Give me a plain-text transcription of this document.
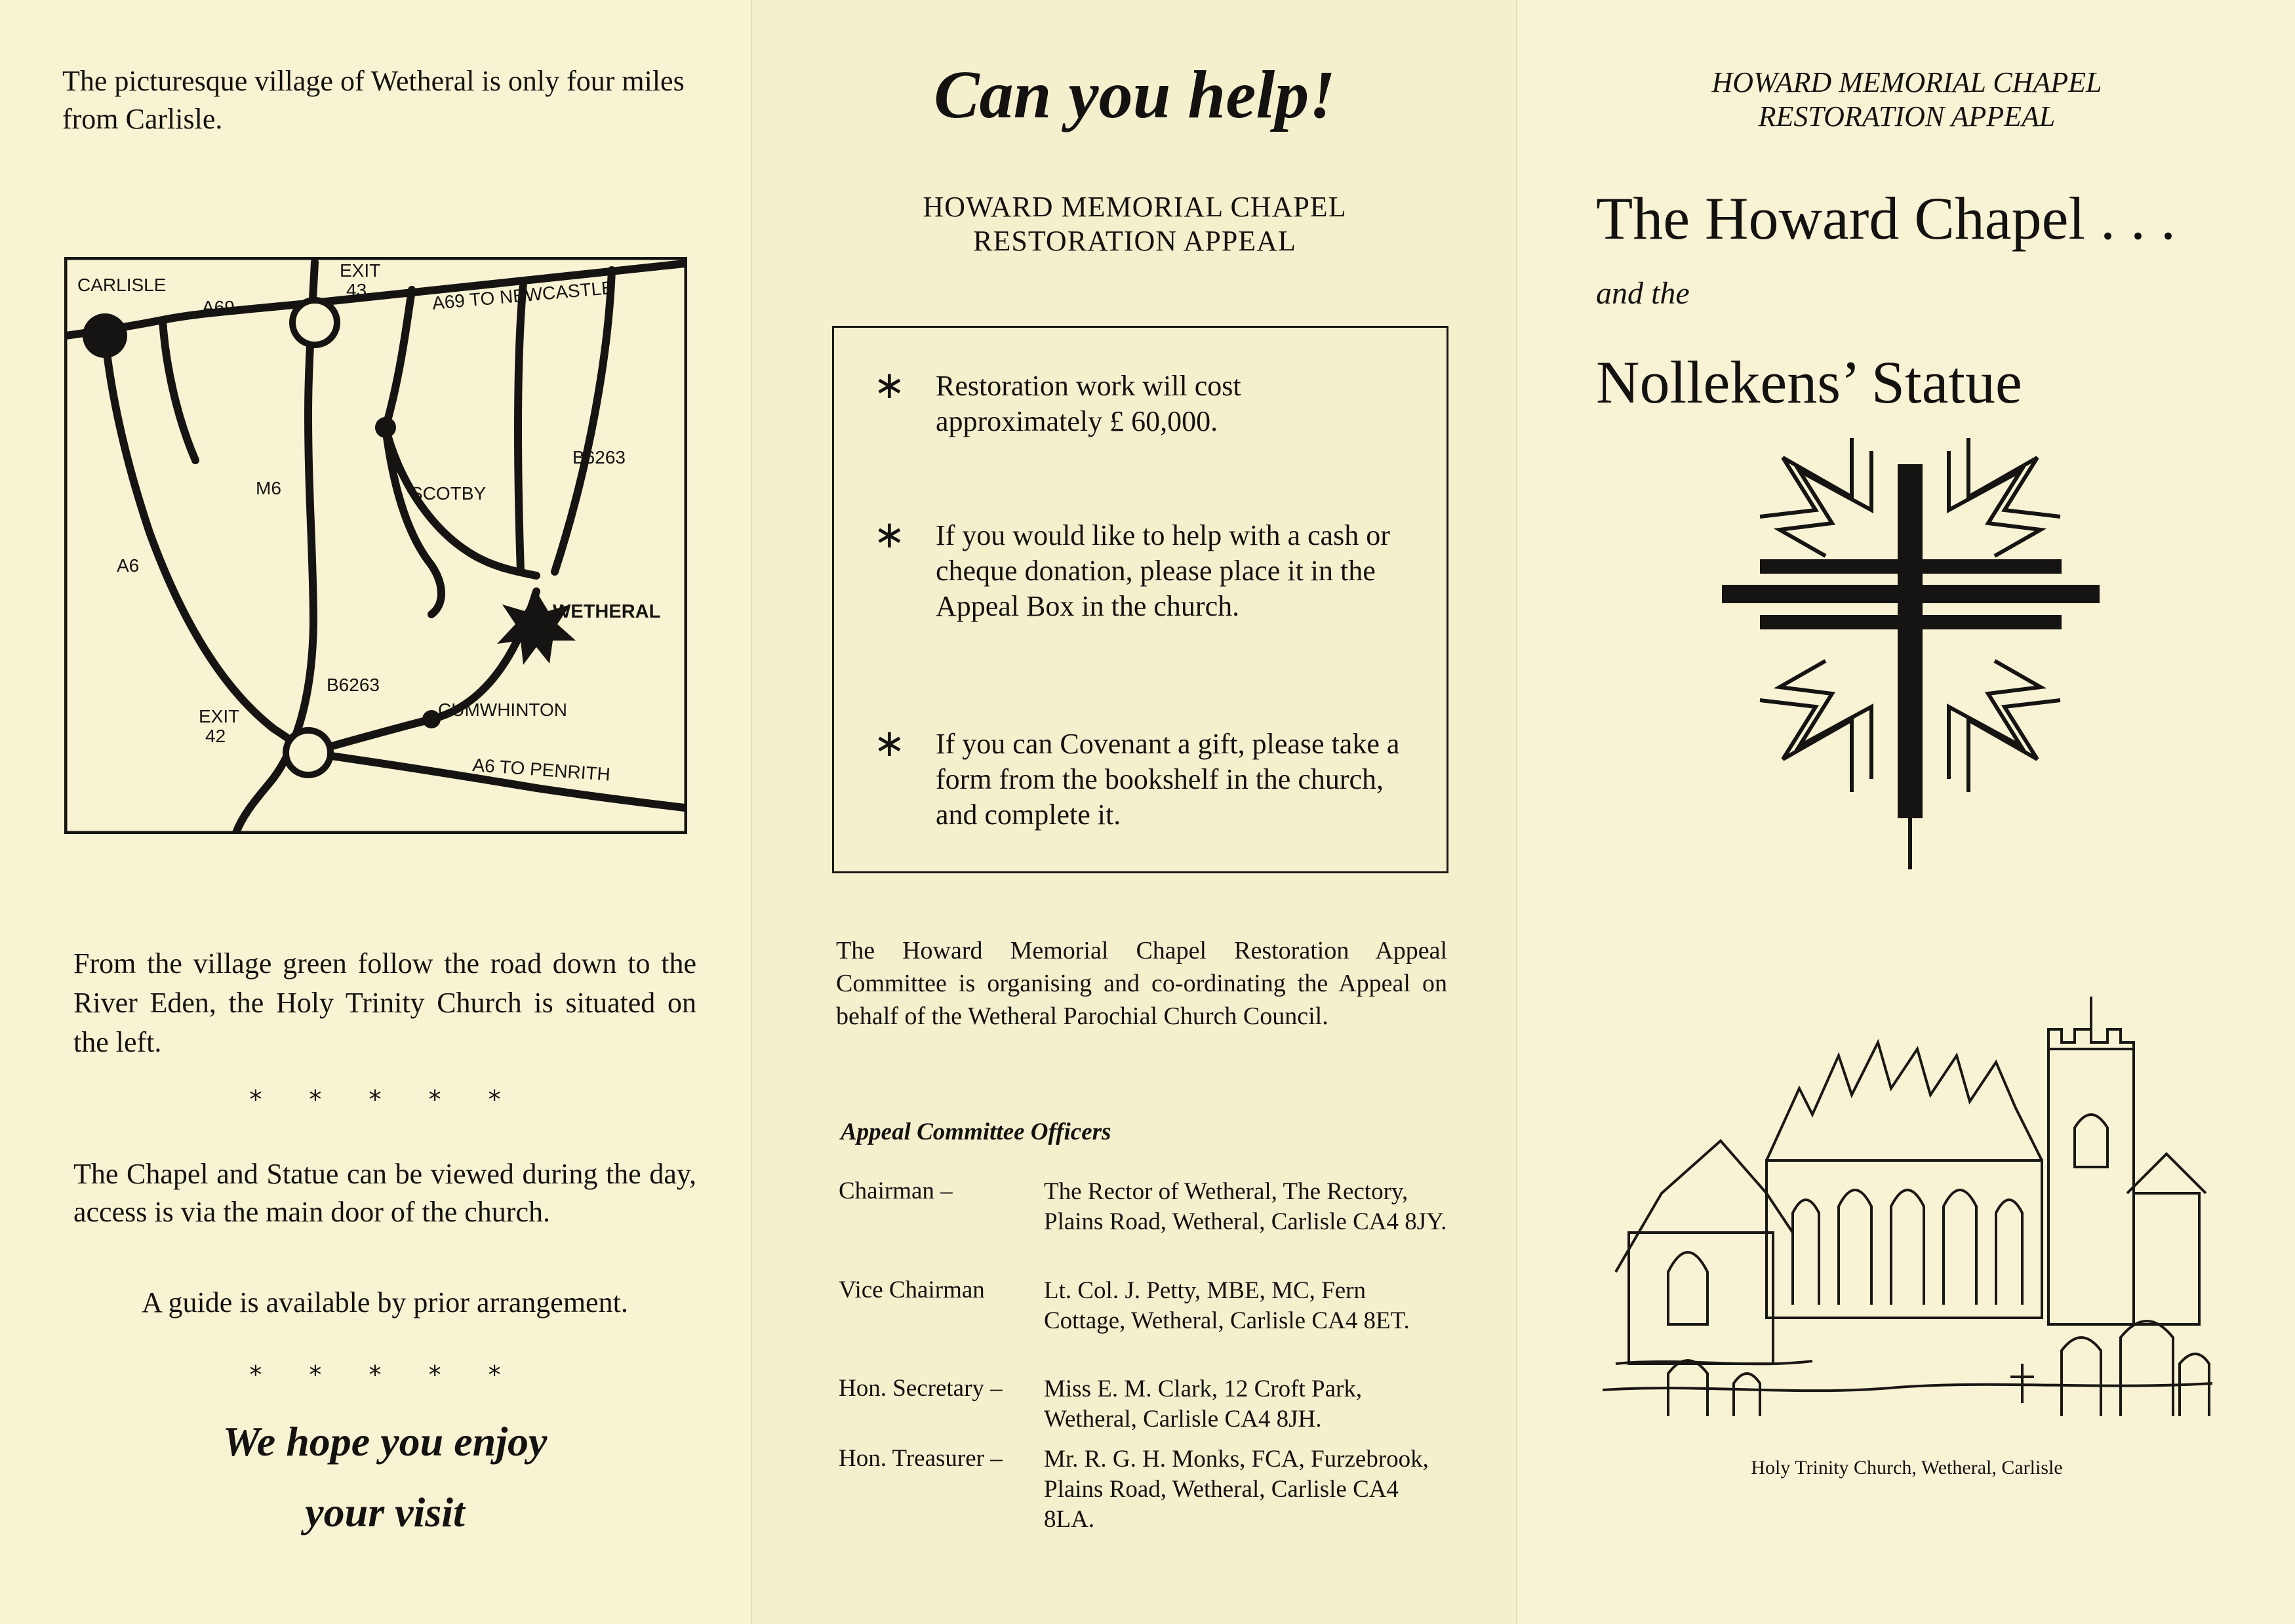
The picturesque village of Wetheral is only four miles from Carlisle.
CARLISLE
A69
EXIT
43	A69 TO NEWCASTLE
B6263
M6	SCOTBY
A6
WETHERAL
B6263
CUMWHINTON
EXIT
42
A6 TO PENRITH
From the village green follow the road down to the River Eden, the Holy Trinity Church is situated on the left.
* * * * *
The Chapel and Statue can be viewed during the day, access is via the main door of the church.
A guide is available by prior arrangement.
* * * * *
We hope you enjoy
your visit
Can you help!
HOWARD MEMORIAL CHAPEL
RESTORATION APPEAL
∗ Restoration work will cost approximately £ 60,000.
∗ If you would like to help with a cash or cheque donation, please place it in the Appeal Box in the church.
∗ If you can Covenant a gift, please take a form from the bookshelf in the church, and complete it.
The Howard Memorial Chapel Restoration Appeal Committee is organising and co-ordinating the Appeal on behalf of the Wetheral Parochial Church Council.
Appeal Committee Officers
Chairman –	The Rector of Wetheral, The Rectory, Plains Road, Wetheral, Carlisle CA4 8JY.
Vice Chairman	Lt. Col. J. Petty, MBE, MC, Fern Cottage, Wetheral, Carlisle CA4 8ET.
Hon. Secretary –	Miss E. M. Clark, 12 Croft Park, Wetheral, Carlisle CA4 8JH.
Hon. Treasurer –	Mr. R. G. H. Monks, FCA, Furzebrook, Plains Road, Wetheral, Carlisle CA4 8LA.
HOWARD MEMORIAL CHAPEL
RESTORATION APPEAL
The Howard Chapel . . .
and the
Nollekens’ Statue
Holy Trinity Church, Wetheral, Carlisle
